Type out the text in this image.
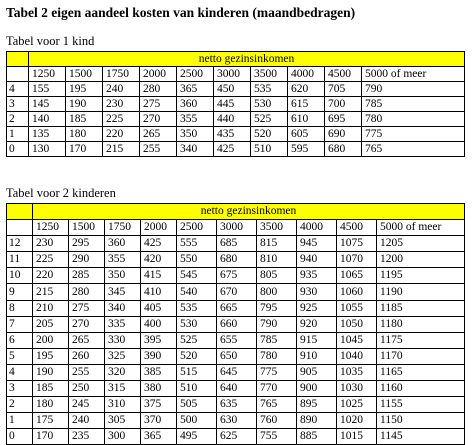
Tabel 2 eigen aandeel kosten van kinderen (maandbedragen)
Tabel voor 1 kind
	netto gezinsinkomen									
	1250	1500	1750	2000	2500	3000	3500	4000	4500	5000 of meer
4	155	195	240	280	365	450	535	620	705	790
3	145	190	230	275	360	445	530	615	700	785
2	140	185	225	270	355	440	525	610	695	780
1	135	180	220	265	350	435	520	605	690	775
0	130	170	215	255	340	425	510	595	680	765
Tabel voor 2 kinderen
	netto gezinsinkomen									
	1250	1500	1750	2000	2500	3000	3500	4000	4500	5000 of meer
12	230	295	360	425	555	685	815	945	1075	1205
11	225	290	355	420	550	680	810	940	1070	1200
10	220	285	350	415	545	675	805	935	1065	1195
9	215	280	345	410	540	670	800	930	1060	1190
8	210	275	340	405	535	665	795	925	1055	1185
7	205	270	335	400	530	660	790	920	1050	1180
6	200	265	330	395	525	655	785	915	1045	1175
5	195	260	325	390	520	650	780	910	1040	1170
4	190	255	320	385	515	645	775	905	1035	1165
3	185	250	315	380	510	640	770	900	1030	1160
2	180	245	310	375	505	635	765	895	1025	1155
1	175	240	305	370	500	630	760	890	1020	1150
0	170	235	300	365	495	625	755	885	1015	1145
